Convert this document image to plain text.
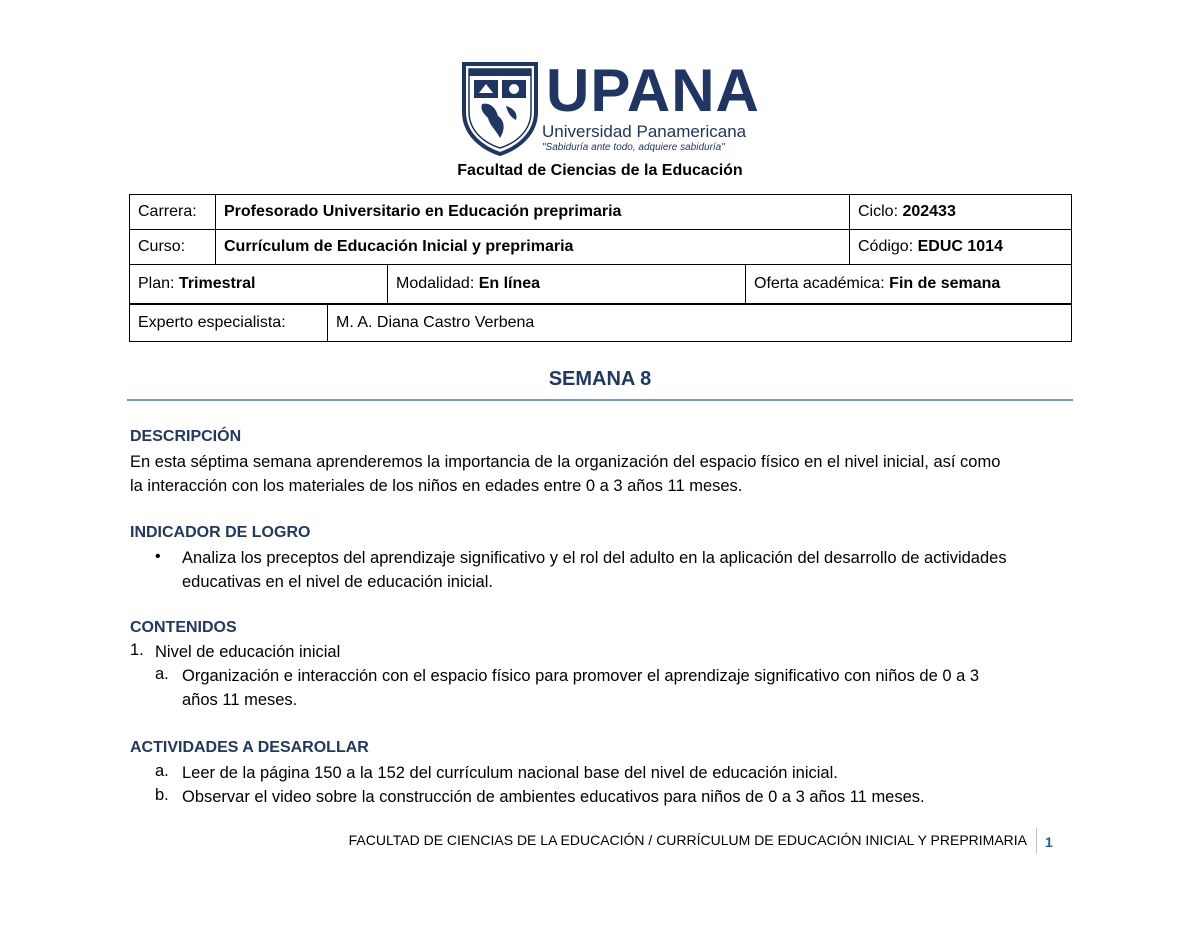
UPANA
Universidad Panamericana
"Sabiduría ante todo, adquiere sabiduría"
Facultad de Ciencias de la Educación
Carrera:	Profesorado Universitario en Educación preprimaria	Ciclo: 202433
Curso:	Currículum de Educación Inicial y preprimaria	Código: EDUC 1014
Plan: Trimestral	Modalidad: En línea	Oferta académica: Fin de semana
Experto especialista:	M. A. Diana Castro Verbena
SEMANA 8
DESCRIPCIÓN
En esta séptima semana aprenderemos la importancia de la organización del espacio físico en el nivel inicial, así como
la interacción con los materiales de los niños en edades entre 0 a 3 años 11 meses.
INDICADOR DE LOGRO
• Analiza los preceptos del aprendizaje significativo y el rol del adulto en la aplicación del desarrollo de actividades
educativas en el nivel de educación inicial.
CONTENIDOS
1. Nivel de educación inicial
a. Organización e interacción con el espacio físico para promover el aprendizaje significativo con niños de 0 a 3
años 11 meses.
ACTIVIDADES A DESAROLLAR
a. Leer de la página 150 a la 152 del currículum nacional base del nivel de educación inicial.
b. Observar el video sobre la construcción de ambientes educativos para niños de 0 a 3 años 11 meses.
FACULTAD DE CIENCIAS DE LA EDUCACIÓN / CURRÍCULUM DE EDUCACIÓN INICIAL Y PREPRIMARIA 1
